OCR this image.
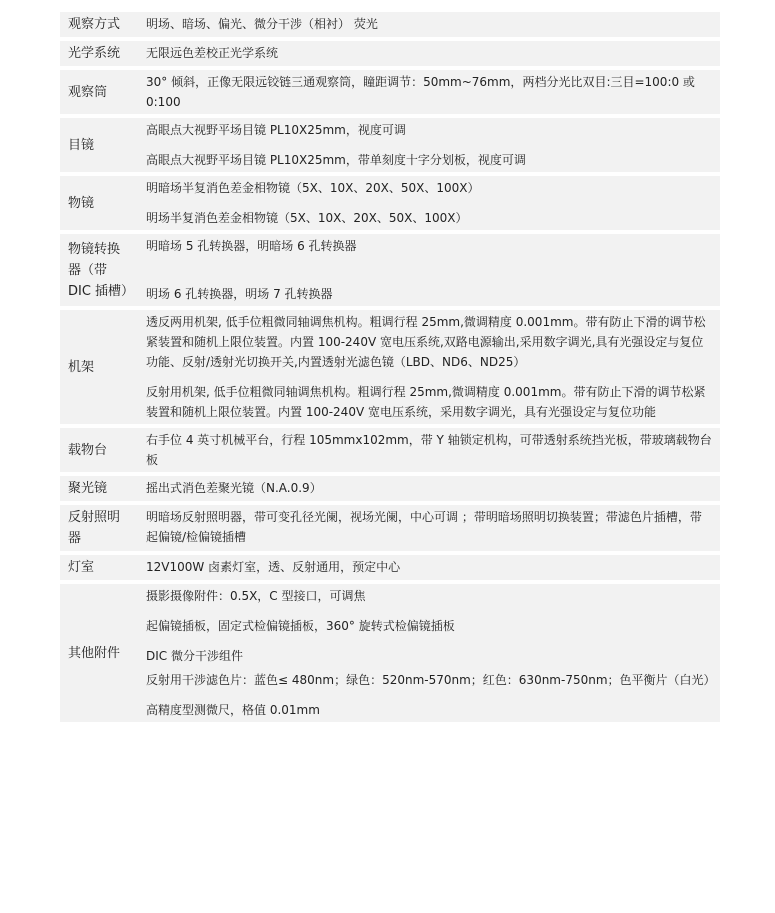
观察方式	明场、暗场、偏光、微分干涉（相衬） 荧光

光学系统	无限远色差校正光学系统

观察筒	30° 倾斜，正像无限远铰链三通观察筒，瞳距调节：50mm~76mm，两档分光比双目:三目=100:0 或 0:100

目镜	高眼点大视野平场目镜 PL10X25mm，视度可调
高眼点大视野平场目镜 PL10X25mm，带单刻度十字分划板，视度可调

物镜	明暗场半复消色差金相物镜（5X、10X、20X、50X、100X）
明场半复消色差金相物镜（5X、10X、20X、50X、100X）

物镜转换器（带 DIC 插槽）	明暗场 5 孔转换器，明暗场 6 孔转换器
明场 6 孔转换器，明场 7 孔转换器

机架	透反两用机架, 低手位粗微同轴调焦机构。粗调行程 25mm,微调精度 0.001mm。带有防止下滑的调节松紧装置和随机上限位装置。内置 100-240V 宽电压系统,双路电源输出,采用数字调光,具有光强设定与复位功能、反射/透射光切换开关,内置透射光滤色镜（LBD、ND6、ND25）
反射用机架, 低手位粗微同轴调焦机构。粗调行程 25mm,微调精度 0.001mm。带有防止下滑的调节松紧装置和随机上限位装置。内置 100-240V 宽电压系统，采用数字调光，具有光强设定与复位功能

载物台	右手位 4 英寸机械平台，行程 105mmx102mm，带 Y 轴锁定机构，可带透射系统挡光板，带玻璃载物台板

聚光镜	摇出式消色差聚光镜（N.A.0.9）

反射照明器	明暗场反射照明器，带可变孔径光阑，视场光阑，中心可调 ；带明暗场照明切换装置；带滤色片插槽，带起偏镜/检偏镜插槽

灯室	12V100W 卤素灯室，透、反射通用，预定中心

其他附件	摄影摄像附件：0.5X，C 型接口，可调焦
起偏镜插板，固定式检偏镜插板，360° 旋转式检偏镜插板
DIC 微分干涉组件
反射用干涉滤色片：蓝色≤ 480nm；绿色：520nm-570nm；红色：630nm-750nm；色平衡片（白光）
高精度型测微尺，格值 0.01mm
